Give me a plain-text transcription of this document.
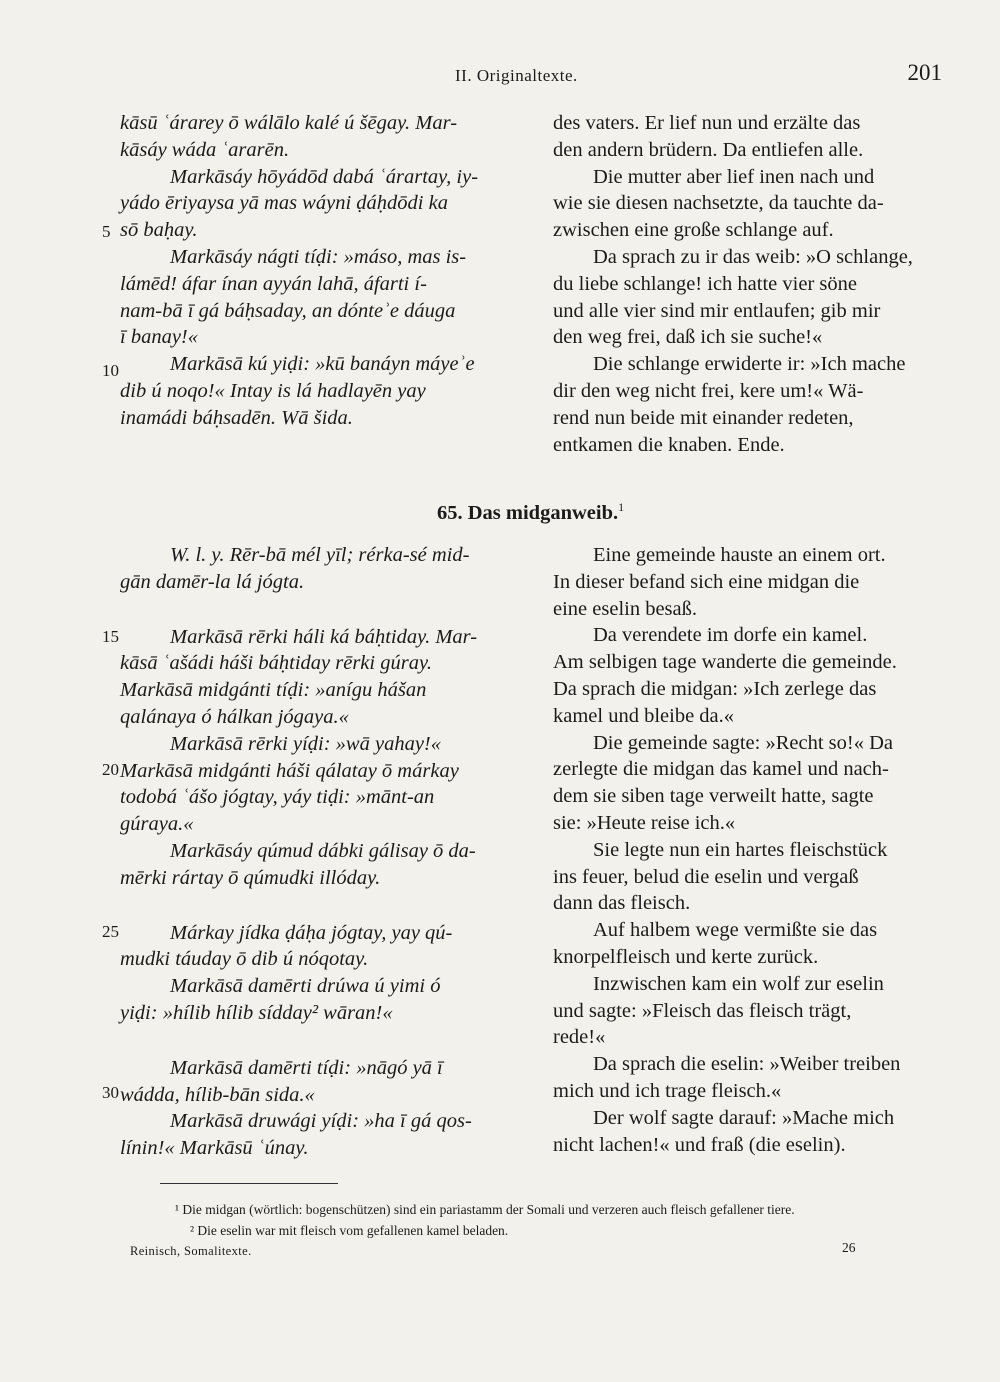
II. Originaltexte.	201
kāsū ʿárarey ō wálālo kalé ú šēgay. Mar-
kāsáy wáda ʿararēn.
Markāsáy hōyádōd dabá ʿárartay, iy-
yádo ēriyaysa yā mas wáyni ḍáḥdōdi ka
sō baḥay.
Markāsáy nágti tíḍi: »máso, mas is-
lámēd! áfar ínan ayyán lahā, áfarti í-
nam-bā ī gá báḥsaday, an dónteʾe dáuga
ī banay!«
Markāsā kú yiḍi: »kū banáyn máyeʾe
dib ú noqo!« Intay is lá hadlayēn yay
inamádi báḥsadēn. Wā šida.
5
10
des vaters. Er lief nun und erzälte das
den andern brüdern. Da entliefen alle.
Die mutter aber lief inen nach und
wie sie diesen nachsetzte, da tauchte da-
zwischen eine große schlange auf.
Da sprach zu ir das weib: »O schlange,
du liebe schlange! ich hatte vier söne
und alle vier sind mir entlaufen; gib mir
den weg frei, daß ich sie suche!«
Die schlange erwiderte ir: »Ich mache
dir den weg nicht frei, kere um!« Wä-
rend nun beide mit einander redeten,
entkamen die knaben. Ende.
65. Das midganweib.$^1$
W. l. y. Rēr-bā mél yīl; rérka-sé mid-
gān damēr-la lá jógta.
Markāsā rērki háli ká báḥtiday. Mar-
kāsā ʿašádi háši báḥtiday rērki gúray.
Markāsā midgánti tíḍi: »anígu hášan
qalánaya ó hálkan jógaya.«
Markāsā rērki yíḍi: »wā yahay!«
Markāsā midgánti háši qálatay ō márkay
todobá ʿášo jógtay, yáy tiḍi: »mānt-an
gúraya.«
Markāsáy qúmud dábki gálisay ō da-
mērki rártay ō qúmudki illóday.
Márkay jídka ḍáḥa jógtay, yay qú-
mudki táuday ō dib ú nóqotay.
Markāsā damērti drúwa ú yimi ó
yiḍi: »hílib hílib sídday² wāran!«
Markāsā damērti tíḍi: »nāgó yā ī
wádda, hílib-bān sida.«
Markāsā druwági yíḍi: »ha ī gá qos-
línin!« Markāsū ʿúnay.
15
20
25
30
Eine gemeinde hauste an einem ort.
In dieser befand sich eine midgan die
eine eselin besaß.
Da verendete im dorfe ein kamel.
Am selbigen tage wanderte die gemeinde.
Da sprach die midgan: »Ich zerlege das
kamel und bleibe da.«
Die gemeinde sagte: »Recht so!« Da
zerlegte die midgan das kamel und nach-
dem sie siben tage verweilt hatte, sagte
sie: »Heute reise ich.«
Sie legte nun ein hartes fleischstück
ins feuer, belud die eselin und vergaß
dann das fleisch.
Auf halbem wege vermißte sie das
knorpelfleisch und kerte zurück.
Inzwischen kam ein wolf zur eselin
und sagte: »Fleisch das fleisch trägt,
rede!«
Da sprach die eselin: »Weiber treiben
mich und ich trage fleisch.«
Der wolf sagte darauf: »Mache mich
nicht lachen!« und fraß (die eselin).
¹ Die midgan (wörtlich: bogenschützen) sind ein pariastamm der Somali und verzeren auch fleisch gefallener tiere.
² Die eselin war mit fleisch vom gefallenen kamel beladen.
Reinisch, Somalitexte.	26
